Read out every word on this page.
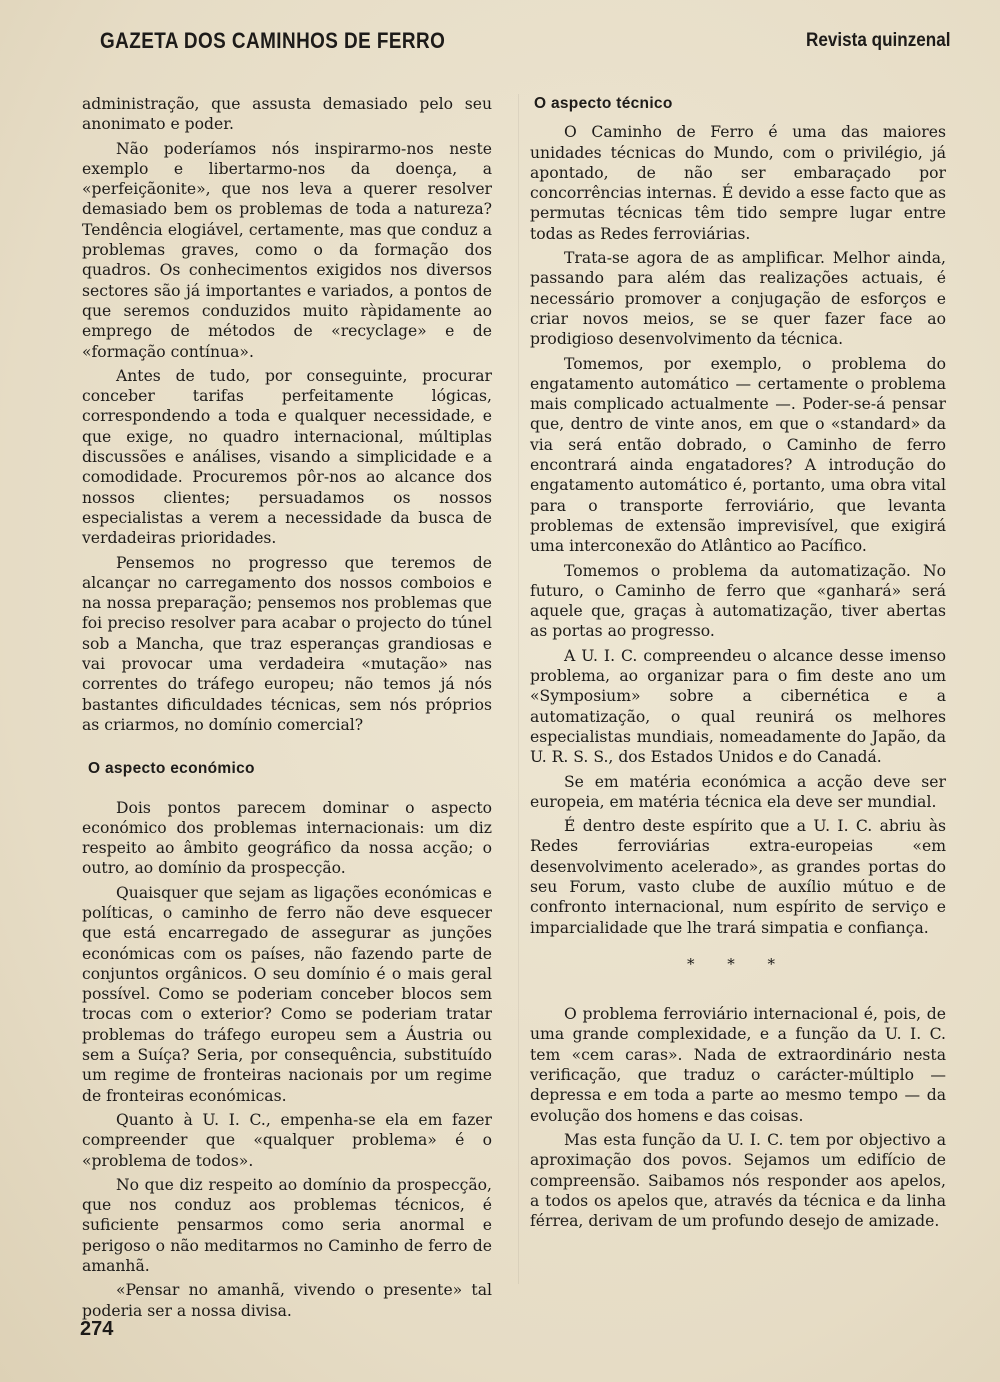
GAZETA DOS CAMINHOS DE FERRO	Revista quinzenal

administração, que assusta demasiado pelo seu anonimato e poder.

Não poderíamos nós inspirarmo-nos neste exemplo e libertarmo-nos da doença, a «perfeiçãonite», que nos leva a querer resolver demasiado bem os problemas de toda a natureza? Tendência elogiável, certamente, mas que conduz a problemas graves, como o da formação dos quadros. Os conhecimentos exigidos nos diversos sectores são já importantes e variados, a pontos de que seremos conduzidos muito ràpidamente ao emprego de métodos de «recyclage» e de «formação contínua».

Antes de tudo, por conseguinte, procurar conceber tarifas perfeitamente lógicas, correspondendo a toda e qualquer necessidade, e que exige, no quadro internacional, múltiplas discussões e análises, visando a simplicidade e a comodidade. Procuremos pôr-nos ao alcance dos nossos clientes; persuadamos os nossos especialistas a verem a necessidade da busca de verdadeiras prioridades.

Pensemos no progresso que teremos de alcançar no carregamento dos nossos comboios e na nossa preparação; pensemos nos problemas que foi preciso resolver para acabar o projecto do túnel sob a Mancha, que traz esperanças grandiosas e vai provocar uma verdadeira «mutação» nas correntes do tráfego europeu; não temos já nós bastantes dificuldades técnicas, sem nós próprios as criarmos, no domínio comercial?

O aspecto económico

Dois pontos parecem dominar o aspecto económico dos problemas internacionais: um diz respeito ao âmbito geográfico da nossa acção; o outro, ao domínio da prospecção.

Quaisquer que sejam as ligações económicas e políticas, o caminho de ferro não deve esquecer que está encarregado de assegurar as junções económicas com os países, não fazendo parte de conjuntos orgânicos. O seu domínio é o mais geral possível. Como se poderiam conceber blocos sem trocas com o exterior? Como se poderiam tratar problemas do tráfego europeu sem a Áustria ou sem a Suíça? Seria, por consequência, substituído um regime de fronteiras nacionais por um regime de fronteiras económicas.

Quanto à U. I. C., empenha-se ela em fazer compreender que «qualquer problema» é o «problema de todos».

No que diz respeito ao domínio da prospecção, que nos conduz aos problemas técnicos, é suficiente pensarmos como seria anormal e perigoso o não meditarmos no Caminho de ferro de amanhã.

«Pensar no amanhã, vivendo o presente» tal poderia ser a nossa divisa.

O aspecto técnico

O Caminho de Ferro é uma das maiores unidades técnicas do Mundo, com o privilégio, já apontado, de não ser embaraçado por concorrências internas. É devido a esse facto que as permutas técnicas têm tido sempre lugar entre todas as Redes ferroviárias.

Trata-se agora de as amplificar. Melhor ainda, passando para além das realizações actuais, é necessário promover a conjugação de esforços e criar novos meios, se se quer fazer face ao prodigioso desenvolvimento da técnica.

Tomemos, por exemplo, o problema do engatamento automático — certamente o problema mais complicado actualmente —. Poder-se-á pensar que, dentro de vinte anos, em que o «standard» da via será então dobrado, o Caminho de ferro encontrará ainda engatadores? A introdução do engatamento automático é, portanto, uma obra vital para o transporte ferroviário, que levanta problemas de extensão imprevisível, que exigirá uma interconexão do Atlântico ao Pacífico.

Tomemos o problema da automatização. No futuro, o Caminho de ferro que «ganhará» será aquele que, graças à automatização, tiver abertas as portas ao progresso.

A U. I. C. compreendeu o alcance desse imenso problema, ao organizar para o fim deste ano um «Symposium» sobre a cibernética e a automatização, o qual reunirá os melhores especialistas mundiais, nomeadamente do Japão, da U. R. S. S., dos Estados Unidos e do Canadá.

Se em matéria económica a acção deve ser europeia, em matéria técnica ela deve ser mundial.

É dentro deste espírito que a U. I. C. abriu às Redes ferroviárias extra-europeias «em desenvolvimento acelerado», as grandes portas do seu Forum, vasto clube de auxílio mútuo e de confronto internacional, num espírito de serviço e imparcialidade que lhe trará simpatia e confiança.

* * *

O problema ferroviário internacional é, pois, de uma grande complexidade, e a função da U. I. C. tem «cem caras». Nada de extraordinário nesta verificação, que traduz o carácter-múltiplo — depressa e em toda a parte ao mesmo tempo — da evolução dos homens e das coisas.

Mas esta função da U. I. C. tem por objectivo a aproximação dos povos. Sejamos um edifício de compreensão. Saibamos nós responder aos apelos, a todos os apelos que, através da técnica e da linha férrea, derivam de um profundo desejo de amizade.

274
